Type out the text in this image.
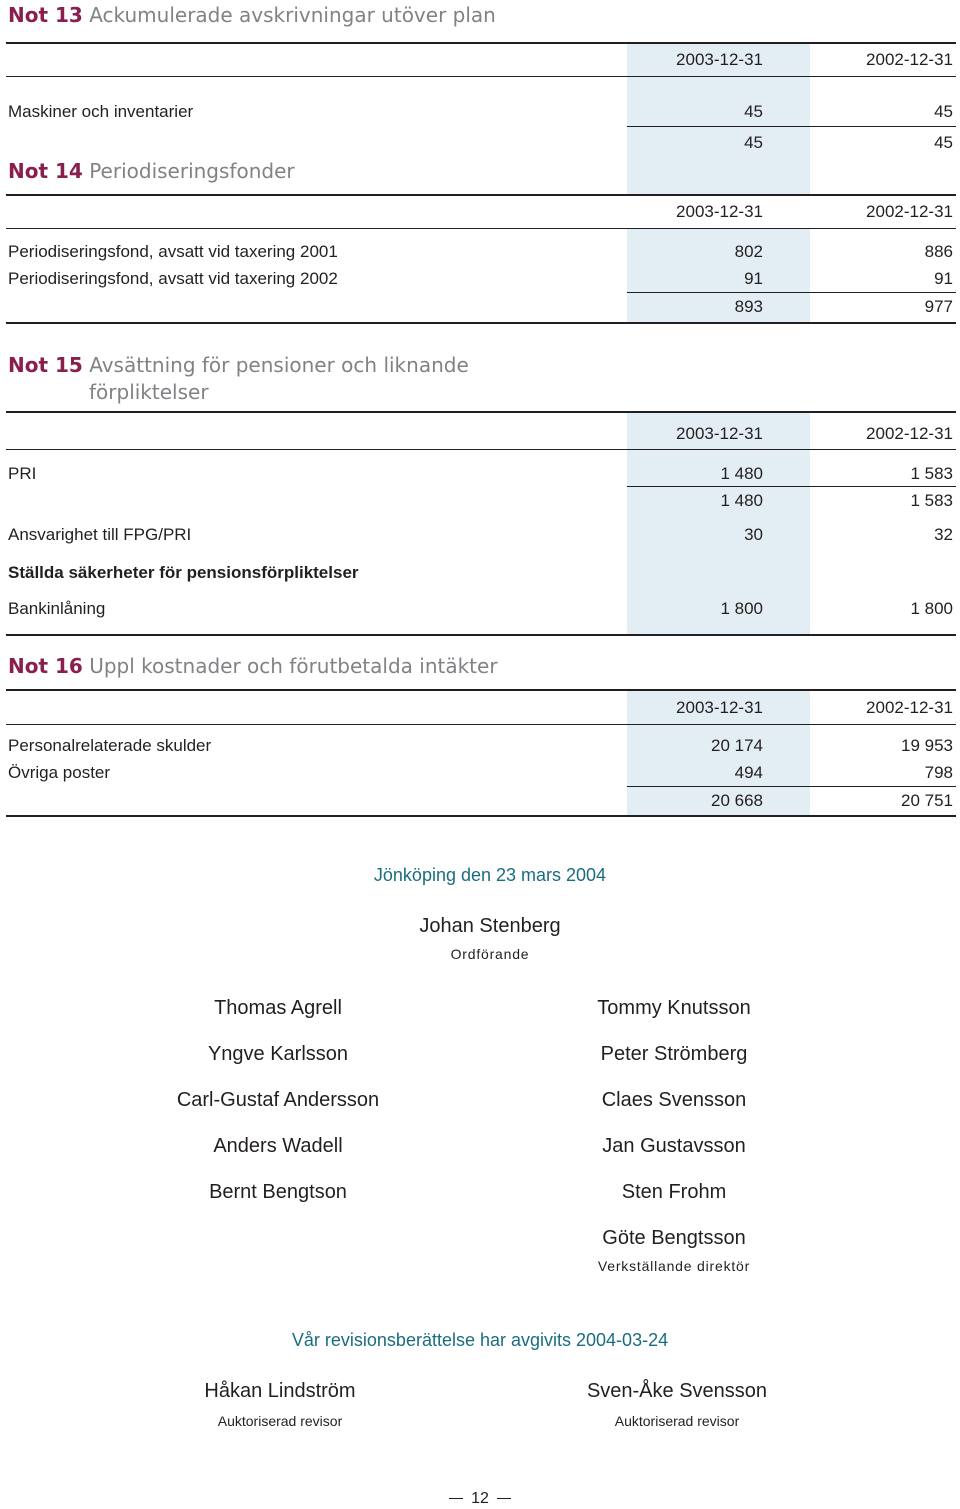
Not 13 Ackumulerade avskrivningar utöver plan
2003-12-31	2002-12-31
Maskiner och inventarier	45	45
45	45
Not 14 Periodiseringsfonder
2003-12-31	2002-12-31
Periodiseringsfond, avsatt vid taxering 2001	802	886
Periodiseringsfond, avsatt vid taxering 2002	91	91
893	977
Not 15 Avsättning för pensioner och liknande
förpliktelser
2003-12-31	2002-12-31
PRI	1 480	1 583
1 480	1 583
Ansvarighet till FPG/PRI	30	32
Ställda säkerheter för pensionsförpliktelser
Bankinlåning	1 800	1 800
Not 16 Uppl kostnader och förutbetalda intäkter
2003-12-31	2002-12-31
Personalrelaterade skulder	20 174	19 953
Övriga poster	494	798
20 668	20 751
Jönköping den 23 mars 2004
Johan Stenberg
Ordförande
Thomas Agrell
Yngve Karlsson
Carl-Gustaf Andersson
Anders Wadell
Bernt Bengtson
Tommy Knutsson
Peter Strömberg
Claes Svensson
Jan Gustavsson
Sten Frohm
Göte Bengtsson
Verkställande direktör
Vår revisionsberättelse har avgivits 2004-03-24
Håkan Lindström
Auktoriserad revisor
Sven-Åke Svensson
Auktoriserad revisor
12
